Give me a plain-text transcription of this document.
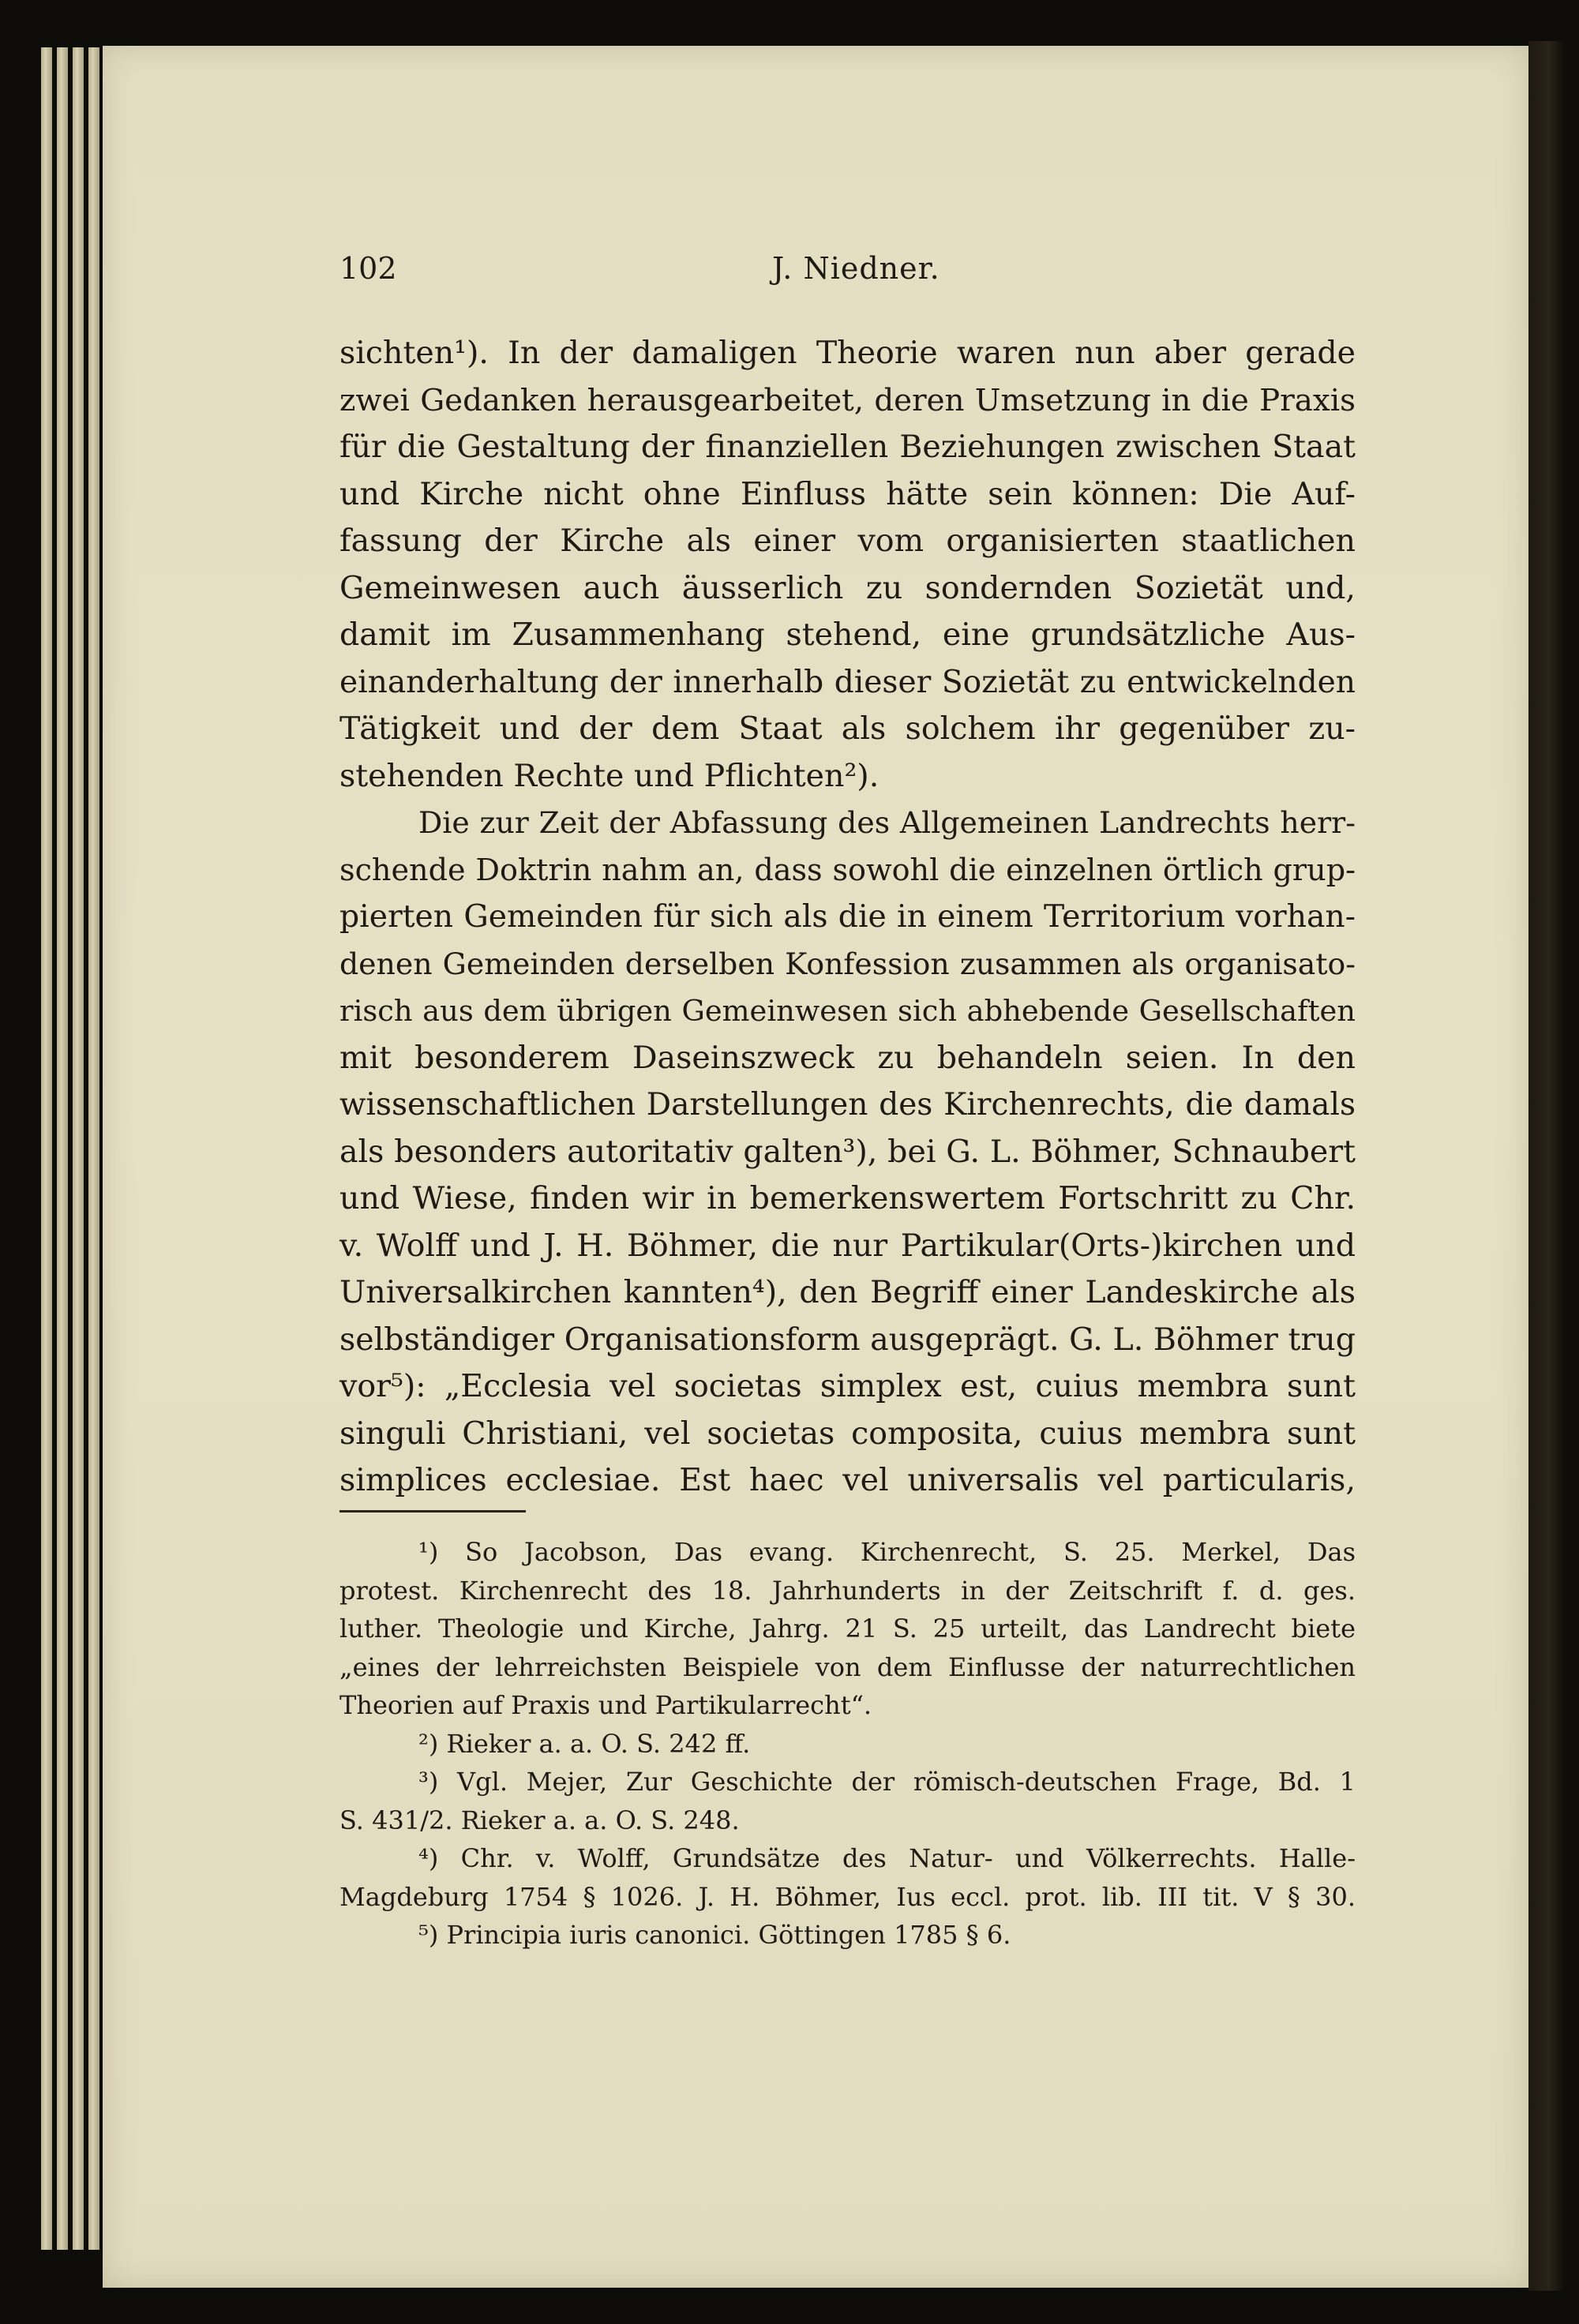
102	J. Niedner.
sichten¹). In der damaligen Theorie waren nun aber gerade
zwei Gedanken herausgearbeitet, deren Umsetzung in die Praxis
für die Gestaltung der finanziellen Beziehungen zwischen Staat
und Kirche nicht ohne Einfluss hätte sein können: Die Auf-
fassung der Kirche als einer vom organisierten staatlichen
Gemeinwesen auch äusserlich zu sondernden Sozietät und,
damit im Zusammenhang stehend, eine grundsätzliche Aus-
einanderhaltung der innerhalb dieser Sozietät zu entwickelnden
Tätigkeit und der dem Staat als solchem ihr gegenüber zu-
stehenden Rechte und Pflichten²).
Die zur Zeit der Abfassung des Allgemeinen Landrechts herr-
schende Doktrin nahm an, dass sowohl die einzelnen örtlich grup-
pierten Gemeinden für sich als die in einem Territorium vorhan-
denen Gemeinden derselben Konfession zusammen als organisato-
risch aus dem übrigen Gemeinwesen sich abhebende Gesellschaften
mit besonderem Daseinszweck zu behandeln seien. In den
wissenschaftlichen Darstellungen des Kirchenrechts, die damals
als besonders autoritativ galten³), bei G. L. Böhmer, Schnaubert
und Wiese, finden wir in bemerkenswertem Fortschritt zu Chr.
v. Wolff und J. H. Böhmer, die nur Partikular(Orts-)kirchen und
Universalkirchen kannten⁴), den Begriff einer Landeskirche als
selbständiger Organisationsform ausgeprägt. G. L. Böhmer trug
vor⁵): „Ecclesia vel societas simplex est, cuius membra sunt
singuli Christiani, vel societas composita, cuius membra sunt
simplices ecclesiae. Est haec vel universalis vel particularis,
¹) So Jacobson, Das evang. Kirchenrecht, S. 25. Merkel, Das
protest. Kirchenrecht des 18. Jahrhunderts in der Zeitschrift f. d. ges.
luther. Theologie und Kirche, Jahrg. 21 S. 25 urteilt, das Landrecht biete
„eines der lehrreichsten Beispiele von dem Einflusse der naturrechtlichen
Theorien auf Praxis und Partikularrecht“.
²) Rieker a. a. O. S. 242 ff.
³) Vgl. Mejer, Zur Geschichte der römisch-deutschen Frage, Bd. 1
S. 431/2. Rieker a. a. O. S. 248.
⁴) Chr. v. Wolff, Grundsätze des Natur- und Völkerrechts. Halle-
Magdeburg 1754 § 1026. J. H. Böhmer, Ius eccl. prot. lib. III tit. V § 30.
⁵) Principia iuris canonici. Göttingen 1785 § 6.
